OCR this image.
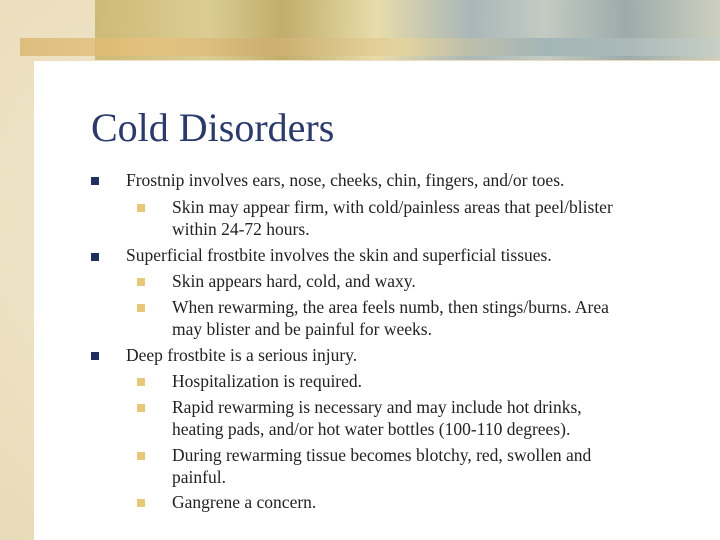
Cold Disorders
Frostnip involves ears, nose, cheeks, chin, fingers, and/or toes.
Skin may appear firm, with cold/painless areas that peel/blister
within 24-72 hours.
Superficial frostbite involves the skin and superficial tissues.
Skin appears hard, cold, and waxy.
When rewarming, the area feels numb, then stings/burns. Area
may blister and be painful for weeks.
Deep frostbite is a serious injury.
Hospitalization is required.
Rapid rewarming is necessary and may include hot drinks,
heating pads, and/or hot water bottles (100-110 degrees).
During rewarming tissue becomes blotchy, red, swollen and
painful.
Gangrene a concern.
